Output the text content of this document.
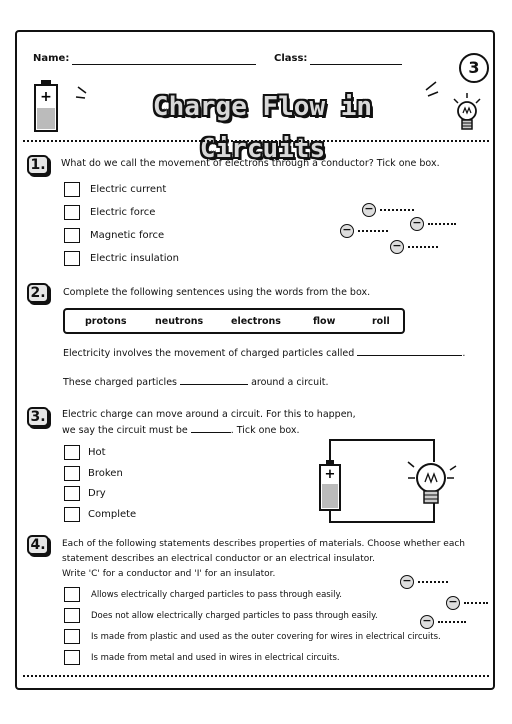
Name:	Class:	3
+	Charge Flow in Circuits
1.	What do we call the movement of electrons through a conductor? Tick one box.
Electric current
Electric force
Magnetic force
Electric insulation
−
−
−
−
2.	Complete the following sentences using the words from the box.
protons	neutrons	electrons	flow	roll
Electricity involves the movement of charged particles called	.
These charged particles	around a circuit.
3.	Electric charge can move around a circuit. For this to happen,
we say the circuit must be	. Tick one box.
Hot
Broken
Dry
Complete
+
4.	Each of the following statements describes properties of materials. Choose whether each
statement describes an electrical conductor or an electrical insulator.
Write 'C' for a conductor and 'I' for an insulator.
Allows electrically charged particles to pass through easily.
Does not allow electrically charged particles to pass through easily.
Is made from plastic and used as the outer covering for wires in electrical circuits.
Is made from metal and used in wires in electrical circuits.
−
−
−
